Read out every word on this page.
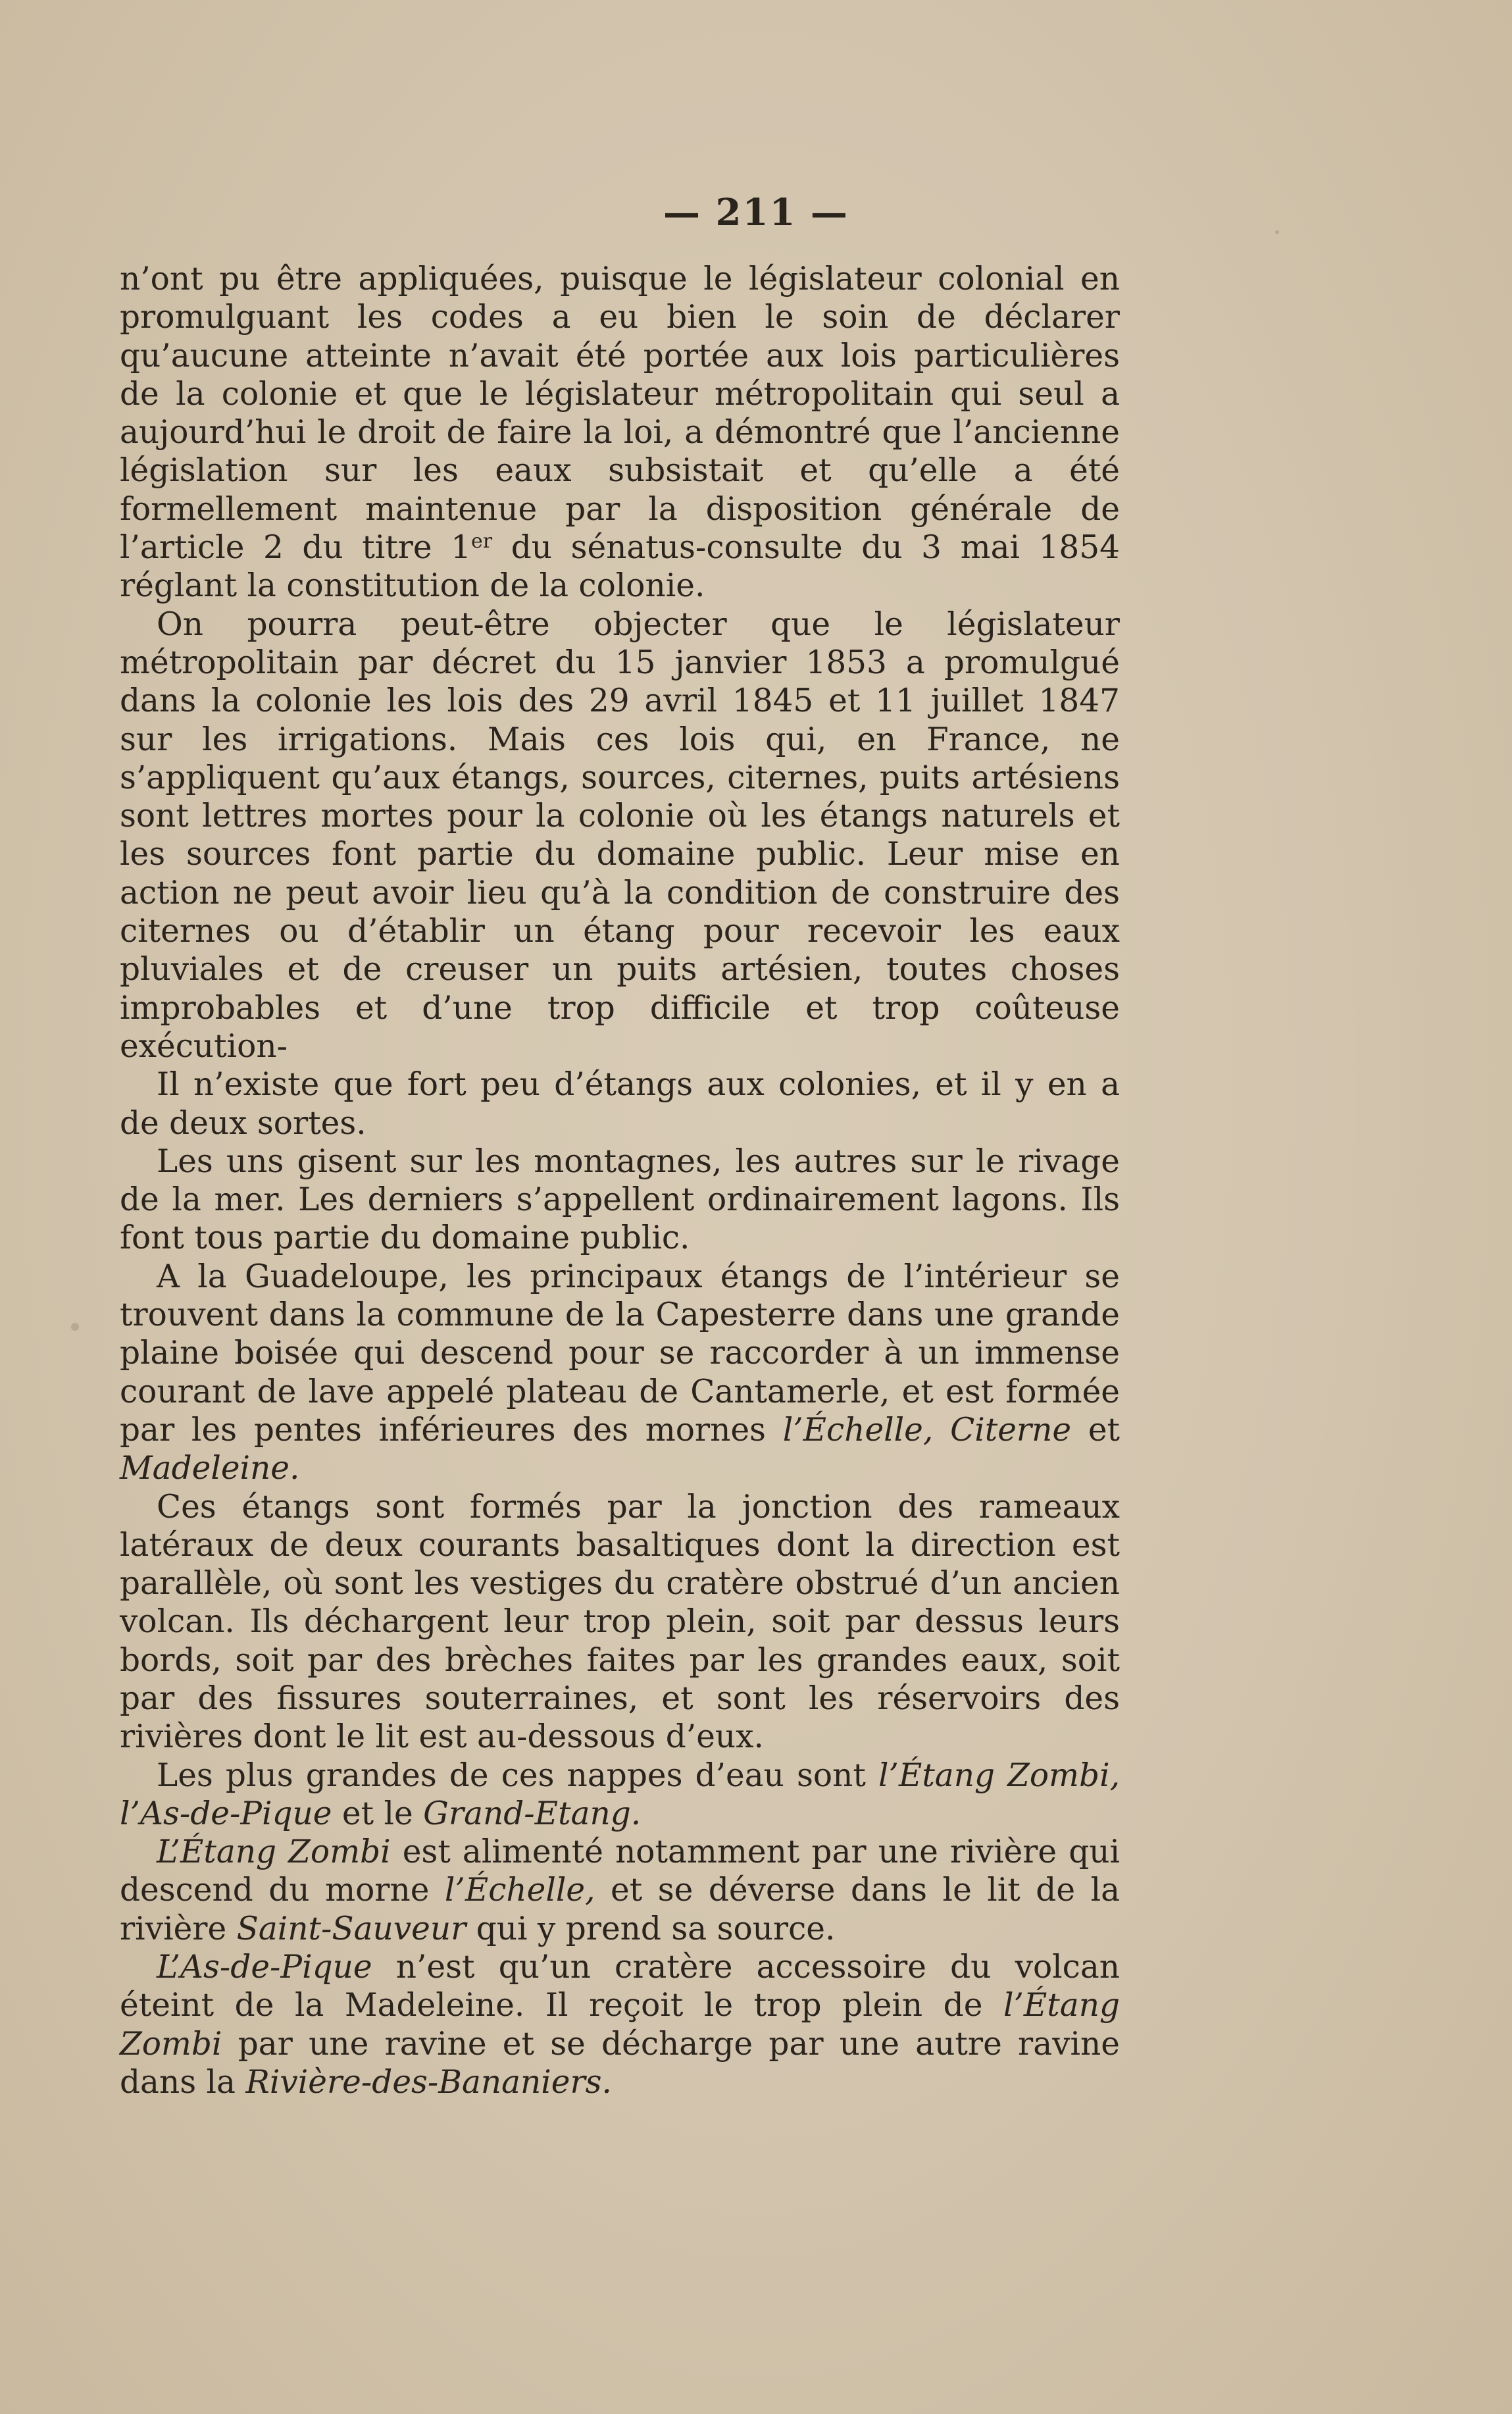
— 211 —

n’ont pu être appliquées, puisque le législateur colonial en promulguant les codes a eu bien le soin de déclarer qu’aucune atteinte n’avait été portée aux lois particulières de la colonie et que le législateur métropolitain qui seul a aujourd’hui le droit de faire la loi, a démontré que l’ancienne législation sur les eaux subsistait et qu’elle a été formellement maintenue par la disposition générale de l’article 2 du titre 1er du sénatus-consulte du 3 mai 1854 réglant la constitution de la colonie.

On pourra peut-être objecter que le législateur métropolitain par décret du 15 janvier 1853 a promulgué dans la colonie les lois des 29 avril 1845 et 11 juillet 1847 sur les irrigations. Mais ces lois qui, en France, ne s’appliquent qu’aux étangs, sources, citernes, puits artésiens sont lettres mortes pour la colonie où les étangs naturels et les sources font partie du domaine public. Leur mise en action ne peut avoir lieu qu’à la condition de construire des citernes ou d’établir un étang pour recevoir les eaux pluviales et de creuser un puits artésien, toutes choses improbables et d’une trop difficile et trop coûteuse exécution-

Il n’existe que fort peu d’étangs aux colonies, et il y en a de deux sortes.

Les uns gisent sur les montagnes, les autres sur le rivage de la mer. Les derniers s’appellent ordinairement lagons. Ils font tous partie du domaine public.

A la Guadeloupe, les principaux étangs de l’intérieur se trouvent dans la commune de la Capesterre dans une grande plaine boisée qui descend pour se raccorder à un immense courant de lave appelé plateau de Cantamerle, et est formée par les pentes inférieures des mornes l’Échelle, Citerne et Madeleine.

Ces étangs sont formés par la jonction des rameaux latéraux de deux courants basaltiques dont la direction est parallèle, où sont les vestiges du cratère obstrué d’un ancien volcan. Ils déchargent leur trop plein, soit par dessus leurs bords, soit par des brèches faites par les grandes eaux, soit par des fissures souterraines, et sont les réservoirs des rivières dont le lit est au-dessous d’eux.

Les plus grandes de ces nappes d’eau sont l’Étang Zombi, l’As-de-Pique et le Grand-Etang.

L’Étang Zombi est alimenté notamment par une rivière qui descend du morne l’Échelle, et se déverse dans le lit de la rivière Saint-Sauveur qui y prend sa source.

L’As-de-Pique n’est qu’un cratère accessoire du volcan éteint de la Madeleine. Il reçoit le trop plein de l’Étang Zombi par une ravine et se décharge par une autre ravine dans la Rivière-des-Bananiers.
